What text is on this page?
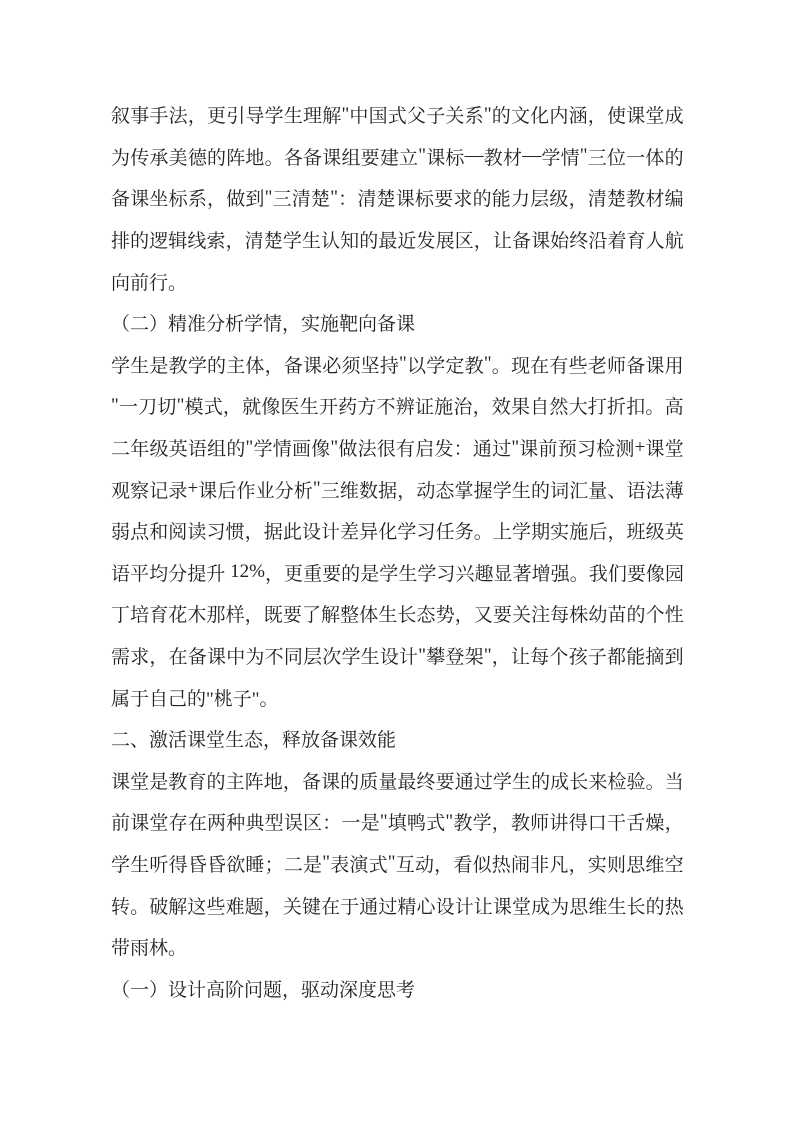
叙 事 手 法 ， 更 引 导 学 生 理 解 " 中 国 式 父 子 关 系 " 的 文 化 内 涵 ， 使 课 堂 成
为 传 承 美 德 的 阵 地 。 各 备 课 组 要 建 立 " 课 标 — 教 材 — 学 情 " 三 位 一 体 的
备 课 坐 标 系 ， 做 到 " 三 清 楚 " ： 清 楚 课 标 要 求 的 能 力 层 级 ， 清 楚 教 材 编
排 的 逻 辑 线 索 ， 清 楚 学 生 认 知 的 最 近 发 展 区 ， 让 备 课 始 终 沿 着 育 人 航
向前行。
（二）精准分析学情，实施靶向备课
学 生 是 教 学 的 主 体 ， 备 课 必 须 坚 持 " 以 学 定 教 " 。 现 在 有 些 老 师 备 课 用
" 一 刀 切 " 模 式 ， 就 像 医 生 开 药 方 不 辨 证 施 治 ， 效 果 自 然 大 打 折 扣 。 高
二 年 级 英 语 组 的 " 学 情 画 像 " 做 法 很 有 启 发 ： 通 过 " 课 前 预 习 检 测 + 课 堂
观 察 记 录 + 课 后 作 业 分 析 " 三 维 数 据 ， 动 态 掌 握 学 生 的 词 汇 量 、 语 法 薄
弱 点 和 阅 读 习 惯 ， 据 此 设 计 差 异 化 学 习 任 务 。 上 学 期 实 施 后 ， 班 级 英
语 平 均 分 提 升
1 2 % ， 更 重 要 的 是 学 生 学 习 兴 趣 显 著 增 强 。 我 们 要 像 园
丁 培 育 花 木 那 样 ， 既 要 了 解 整 体 生 长 态 势 ， 又 要 关 注 每 株 幼 苗 的 个 性
需 求 ， 在 备 课 中 为 不 同 层 次 学 生 设 计 " 攀 登 架 " ， 让 每 个 孩 子 都 能 摘 到
属于自己的"桃子"。
二、激活课堂生态，释放备课效能
课 堂 是 教 育 的 主 阵 地 ， 备 课 的 质 量 最 终 要 通 过 学 生 的 成 长 来 检 验 。 当
前 课 堂 存 在 两 种 典 型 误 区 ： 一 是 " 填 鸭 式 " 教 学 ， 教 师 讲 得 口 干 舌 燥 ，
学 生 听 得 昏 昏 欲 睡 ； 二 是 " 表 演 式 " 互 动 ， 看 似 热 闹 非 凡 ， 实 则 思 维 空
转 。 破 解 这 些 难 题 ， 关 键 在 于 通 过 精 心 设 计 让 课 堂 成 为 思 维 生 长 的 热
带雨林。
（一）设计高阶问题，驱动深度思考
